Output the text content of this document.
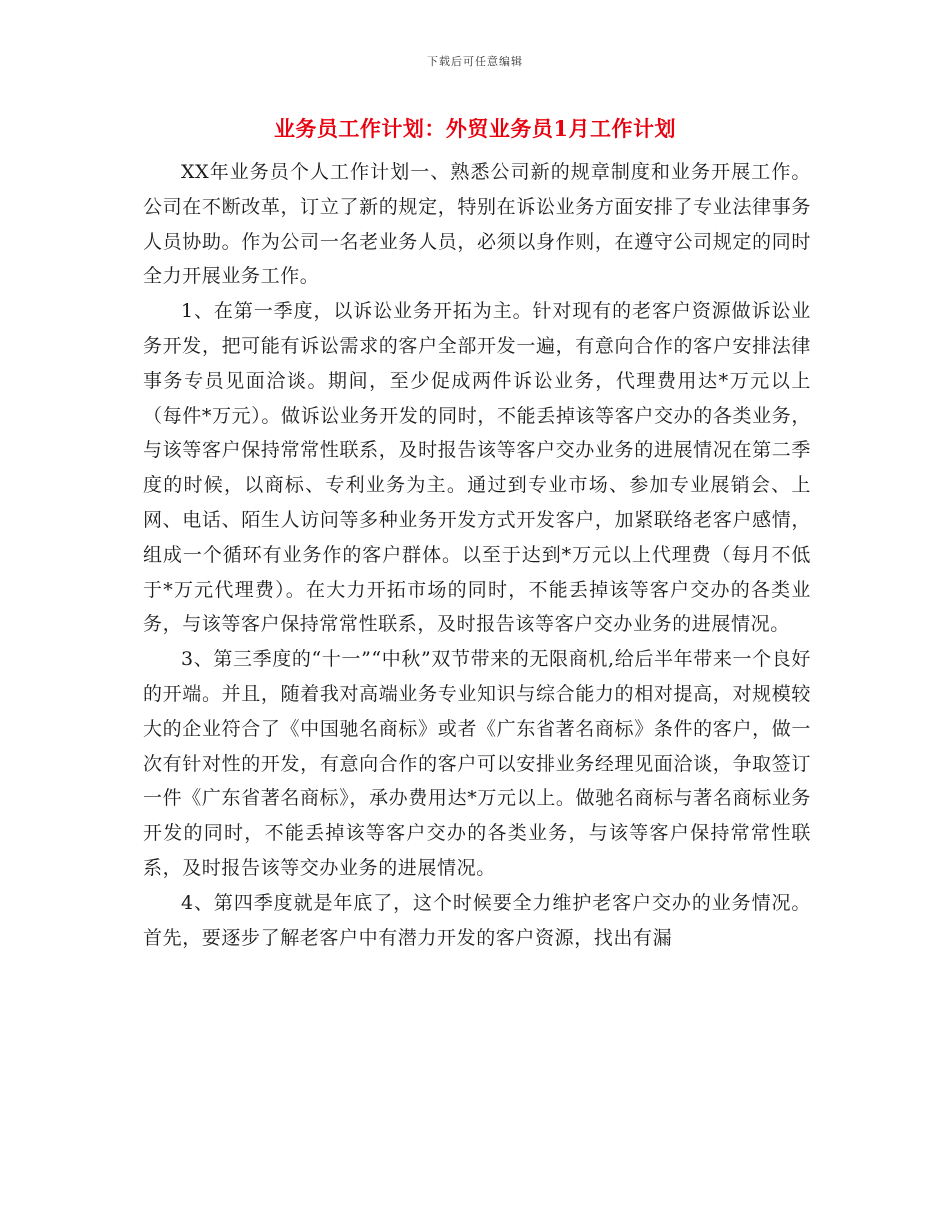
下载后可任意编辑
业务员工作计划：外贸业务员1月工作计划

XX年业务员个人工作计划一、熟悉公司新的规章制度和业务开展工作。公司在不断改革，订立了新的规定，特别在诉讼业务方面安排了专业法律事务人员协助。作为公司一名老业务人员，必须以身作则，在遵守公司规定的同时全力开展业务工作。

1、在第一季度，以诉讼业务开拓为主。针对现有的老客户资源做诉讼业务开发，把可能有诉讼需求的客户全部开发一遍，有意向合作的客户安排法律事务专员见面洽谈。期间，至少促成两件诉讼业务，代理费用达*万元以上（每件*万元）。做诉讼业务开发的同时，不能丢掉该等客户交办的各类业务，与该等客户保持常常性联系，及时报告该等客户交办业务的进展情况在第二季度的时候，以商标、专利业务为主。通过到专业市场、参加专业展销会、上网、电话、陌生人访问等多种业务开发方式开发客户，加紧联络老客户感情，组成一个循环有业务作的客户群体。以至于达到*万元以上代理费（每月不低于*万元代理费）。在大力开拓市场的同时，不能丢掉该等客户交办的各类业务，与该等客户保持常常性联系，及时报告该等客户交办业务的进展情况。

3、第三季度的“十一”“中秋”双节带来的无限商机,给后半年带来一个良好的开端。并且，随着我对高端业务专业知识与综合能力的相对提高，对规模较大的企业符合了《中国驰名商标》或者《广东省著名商标》条件的客户，做一次有针对性的开发，有意向合作的客户可以安排业务经理见面洽谈，争取签订一件《广东省著名商标》，承办费用达*万元以上。做驰名商标与著名商标业务开发的同时，不能丢掉该等客户交办的各类业务，与该等客户保持常常性联系，及时报告该等交办业务的进展情况。

4、第四季度就是年底了，这个时候要全力维护老客户交办的业务情况。首先，要逐步了解老客户中有潜力开发的客户资源，找出有漏
